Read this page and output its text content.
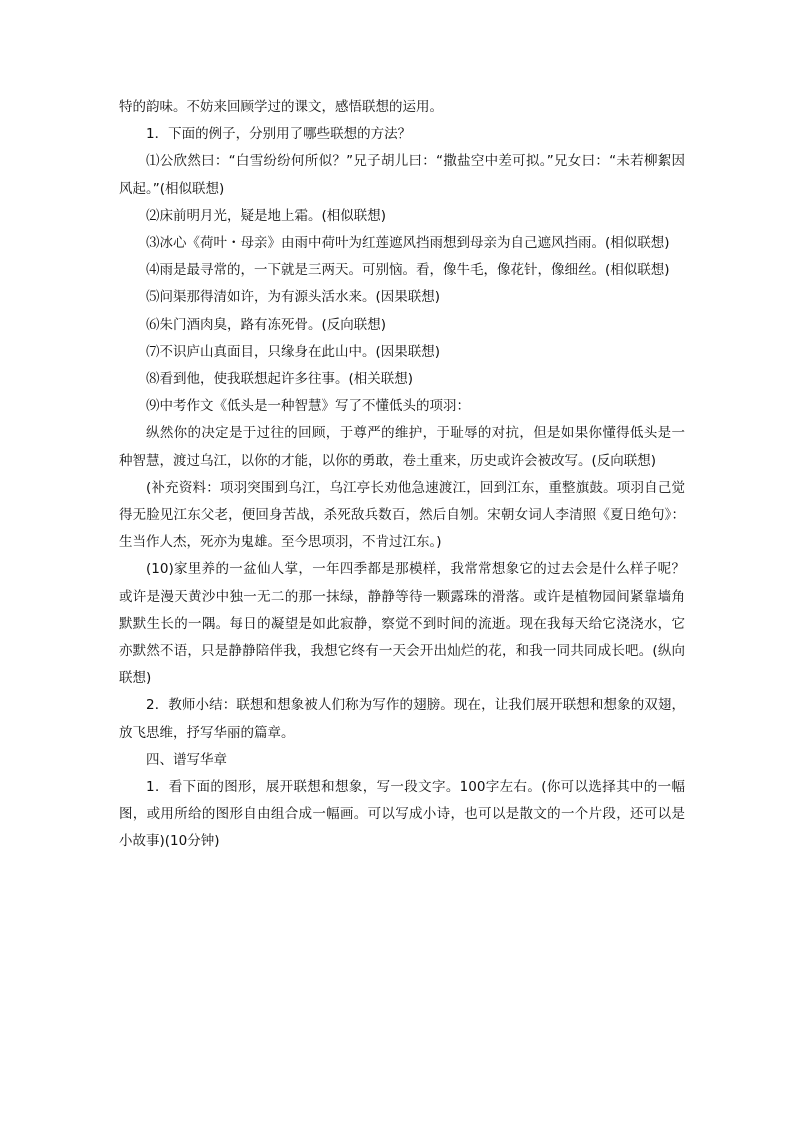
特的韵味。不妨来回顾学过的课文，感悟联想的运用。

1．下面的例子，分别用了哪些联想的方法？

⑴公欣然曰：“白雪纷纷何所似？”兄子胡儿曰：“撒盐空中差可拟。”兄女曰：“未若柳絮因风起。”(相似联想)

⑵床前明月光，疑是地上霜。(相似联想)

⑶冰心《荷叶・母亲》由雨中荷叶为红莲遮风挡雨想到母亲为自己遮风挡雨。(相似联想)

⑷雨是最寻常的，一下就是三两天。可别恼。看，像牛毛，像花针，像细丝。(相似联想)

⑸问渠那得清如许，为有源头活水来。(因果联想)

⑹朱门酒肉臭，路有冻死骨。(反向联想)

⑺不识庐山真面目，只缘身在此山中。(因果联想)

⑻看到他，使我联想起许多往事。(相关联想)

⑼中考作文《低头是一种智慧》写了不懂低头的项羽：

纵然你的决定是于过往的回顾，于尊严的维护，于耻辱的对抗，但是如果你懂得低头是一种智慧，渡过乌江，以你的才能，以你的勇敢，卷土重来，历史或许会被改写。(反向联想)

(补充资料：项羽突围到乌江，乌江亭长劝他急速渡江，回到江东，重整旗鼓。项羽自己觉得无脸见江东父老，便回身苦战，杀死敌兵数百，然后自刎。宋朝女词人李清照《夏日绝句》：生当作人杰，死亦为鬼雄。至今思项羽，不肯过江东。)

(10)家里养的一盆仙人掌，一年四季都是那模样，我常常想象它的过去会是什么样子呢？或许是漫天黄沙中独一无二的那一抹绿，静静等待一颗露珠的滑落。或许是植物园间紧靠墙角默默生长的一隅。每日的凝望是如此寂静，察觉不到时间的流逝。现在我每天给它浇浇水，它亦默然不语，只是静静陪伴我，我想它终有一天会开出灿烂的花，和我一同共同成长吧。(纵向联想)

2．教师小结：联想和想象被人们称为写作的翅膀。现在，让我们展开联想和想象的双翅，放飞思维，抒写华丽的篇章。

四、谱写华章

1．看下面的图形，展开联想和想象，写一段文字。100字左右。(你可以选择其中的一幅图，或用所给的图形自由组合成一幅画。可以写成小诗，也可以是散文的一个片段，还可以是小故事)(10分钟)
